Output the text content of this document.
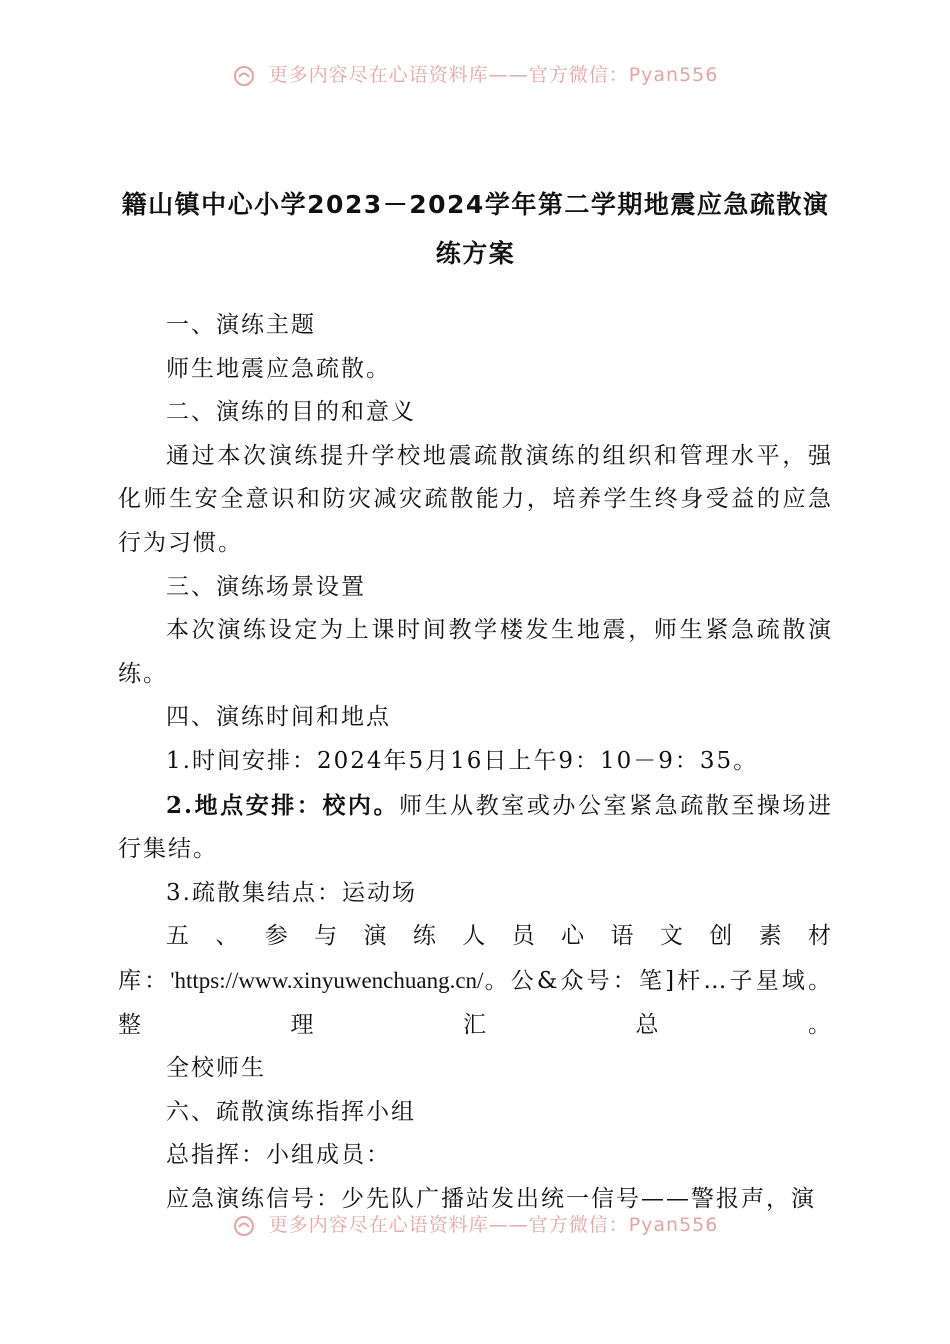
更多内容尽在心语资料库——官方微信：Pyan556
籍山镇中心小学2023－2024学年第二学期地震应急疏散演练方案

一、演练主题

师生地震应急疏散。

二、演练的目的和意义

通过本次演练提升学校地震疏散演练的组织和管理水平，强化师生安全意识和防灾减灾疏散能力，培养学生终身受益的应急行为习惯。

三、演练场景设置

本次演练设定为上课时间教学楼发生地震，师生紧急疏散演练。

四、演练时间和地点

1.时间安排：2024年5月16日上午9：10－9：35。

2.地点安排：校内。师生从教室或办公室紧急疏散至操场进行集结。

3.疏散集结点：运动场

五、参与演练人员心语文创素材库：'https://www.xinyuwenchuang.cn/。公&众号：笔]杆…子星域。整理汇总。

全校师生

六、疏散演练指挥小组

总指挥：小组成员：

应急演练信号：少先队广播站发出统一信号——警报声，演

更多内容尽在心语资料库——官方微信：Pyan556
